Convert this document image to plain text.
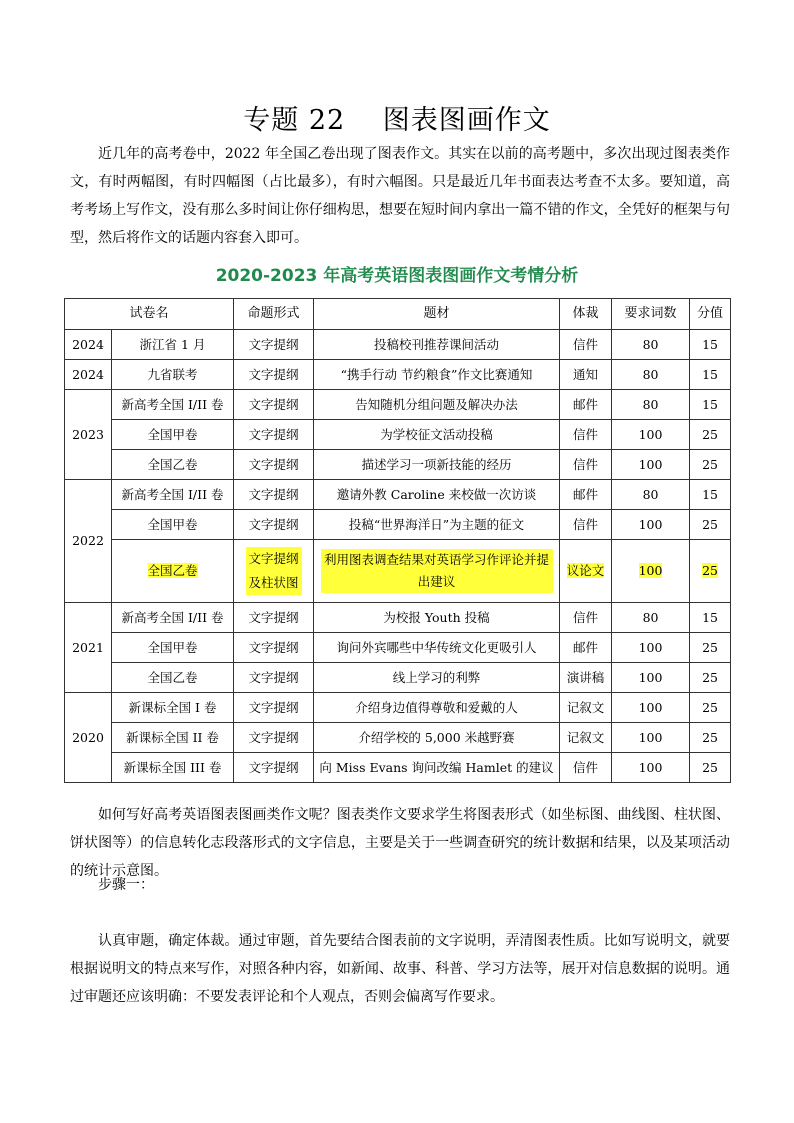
专题 22　 图表图画作文
近几年的高考卷中，2022 年全国乙卷出现了图表作文。其实在以前的高考题中，多次出现过图表类作文，有时两幅图，有时四幅图（占比最多），有时六幅图。只是最近几年书面表达考查不太多。要知道，高考考场上写作文，没有那么多时间让你仔细构思，想要在短时间内拿出一篇不错的作文，全凭好的框架与句型，然后将作文的话题内容套入即可。
2020-2023 年高考英语图表图画作文考情分析
试卷名		命题形式	题材	体裁	要求词数	分值
2024	浙江省 1 月	文字提纲	投稿校刊推荐课间活动	信件	80	15
2024	九省联考	文字提纲	“携手行动 节约粮食”作文比赛通知	通知	80	15
2023	新高考全国 I/II 卷	文字提纲	告知随机分组问题及解决办法	邮件	80	15
	全国甲卷	文字提纲	为学校征文活动投稿	信件	100	25
	全国乙卷	文字提纲	描述学习一项新技能的经历	信件	100	25
2022	新高考全国 I/II 卷	文字提纲	邀请外教 Caroline 来校做一次访谈	邮件	80	15
	全国甲卷	文字提纲	投稿“世界海洋日”为主题的征文	信件	100	25
	全国乙卷	文字提纲及柱状图	利用图表调查结果对英语学习作评论并提出建议	议论文	100	25
2021	新高考全国 I/II 卷	文字提纲	为校报 Youth 投稿	信件	80	15
	全国甲卷	文字提纲	询问外宾哪些中华传统文化更吸引人	邮件	100	25
	全国乙卷	文字提纲	线上学习的利弊	演讲稿	100	25
2020	新课标全国 I 卷	文字提纲	介绍身边值得尊敬和爱戴的人	记叙文	100	25
	新课标全国 II 卷	文字提纲	介绍学校的 5,000 米越野赛	记叙文	100	25
	新课标全国 III 卷	文字提纲	向 Miss Evans 询问改编 Hamlet 的建议	信件	100	25
如何写好高考英语图表图画类作文呢？图表类作文要求学生将图表形式（如坐标图、曲线图、柱状图、饼状图等）的信息转化志段落形式的文字信息，主要是关于一些调查研究的统计数据和结果，以及某项活动的统计示意图。
步骤一：
认真审题，确定体裁。通过审题，首先要结合图表前的文字说明，弄清图表性质。比如写说明文，就要根据说明文的特点来写作，对照各种内容，如新闻、故事、科普、学习方法等，展开对信息数据的说明。通过审题还应该明确：不要发表评论和个人观点，否则会偏离写作要求。
